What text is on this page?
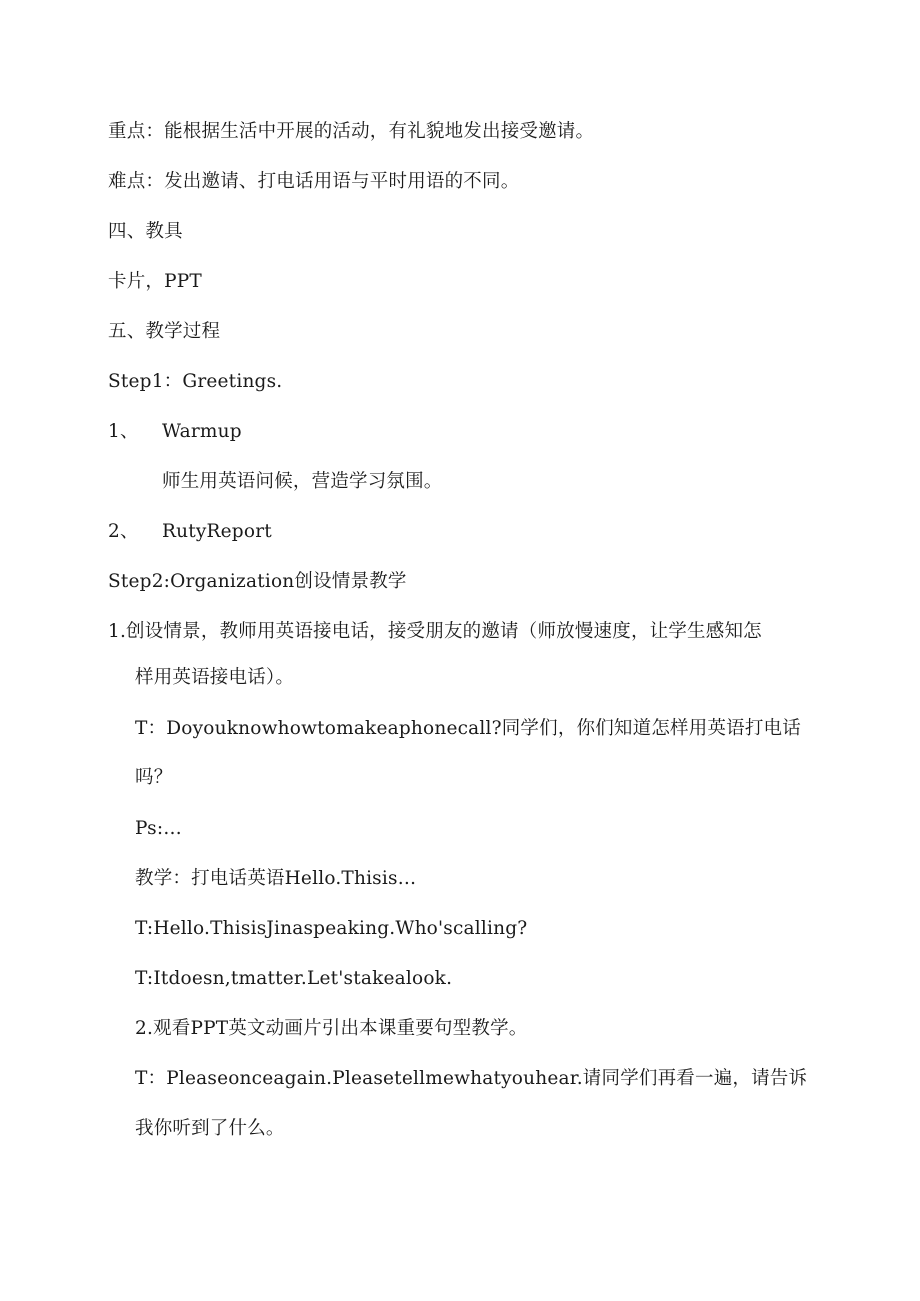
重点：能根据生活中开展的活动，有礼貌地发出接受邀请。
难点：发出邀请、打电话用语与平时用语的不同。
四、教具
卡片，PPT
五、教学过程
Step1：Greetings.
1、 Warmup
师生用英语问候，营造学习氛围。
2、 RutyReport
Step2:Organization创设情景教学
1.创设情景，教师用英语接电话，接受朋友的邀请（师放慢速度，让学生感知怎
样用英语接电话）。
T：Doyouknowhowtomakeaphonecall?同学们，你们知道怎样用英语打电话
吗？
Ps:…
教学：打电话英语Hello.Thisis…
T:Hello.ThisisJinaspeaking.Who'scalling?
T:Itdoesn,tmatter.Let'stakealook.
2.观看PPT英文动画片引出本课重要句型教学。
T：Pleaseonceagain.Pleasetellmewhatyouhear.请同学们再看一遍，请告诉
我你听到了什么。
